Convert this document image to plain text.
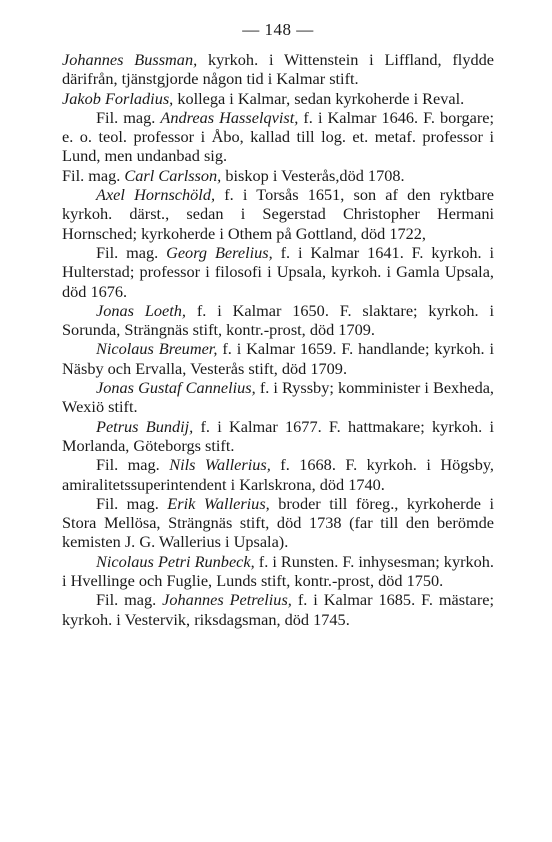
— 148 —

Johannes Bussman, kyrkoh. i Wittenstein i Liffland, flydde därifrån, tjänstgjorde någon tid i Kalmar stift.

Jakob Forladius, kollega i Kalmar, sedan kyrkoherde i Reval.

Fil. mag. Andreas Hasselqvist, f. i Kalmar 1646. F. borgare; e. o. teol. professor i Åbo, kallad till log. et. metaf. professor i Lund, men undanbad sig.

Fil. mag. Carl Carlsson, biskop i Vesterås,död 1708.

Axel Hornschöld, f. i Torsås 1651, son af den ryktbare kyrkoh. därst., sedan i Segerstad Christopher Hermani Hornsched; kyrkoherde i Othem på Gottland, död 1722,

Fil. mag. Georg Berelius, f. i Kalmar 1641. F. kyrkoh. i Hulterstad; professor i filosofi i Upsala, kyrkoh. i Gamla Upsala, död 1676.

Jonas Loeth, f. i Kalmar 1650. F. slaktare; kyrkoh. i Sorunda, Strängnäs stift, kontr.-prost, död 1709.

Nicolaus Breumer, f. i Kalmar 1659. F. handlande; kyrkoh. i Näsby och Ervalla, Vesterås stift, död 1709.

Jonas Gustaf Cannelius, f. i Ryssby; komminister i Bexheda, Wexiö stift.

Petrus Bundij, f. i Kalmar 1677. F. hattmakare; kyrkoh. i Morlanda, Göteborgs stift.

Fil. mag. Nils Wallerius, f. 1668. F. kyrkoh. i Högsby, amiralitetssuperintendent i Karlskrona, död 1740.

Fil. mag. Erik Wallerius, broder till föreg., kyrkoherde i Stora Mellösa, Strängnäs stift, död 1738 (far till den berömde kemisten J. G. Wallerius i Upsala).

Nicolaus Petri Runbeck, f. i Runsten. F. inhysesman; kyrkoh. i Hvellinge och Fuglie, Lunds stift, kontr.-prost, död 1750.

Fil. mag. Johannes Petrelius, f. i Kalmar 1685. F. mästare; kyrkoh. i Vestervik, riksdagsman, död 1745.
